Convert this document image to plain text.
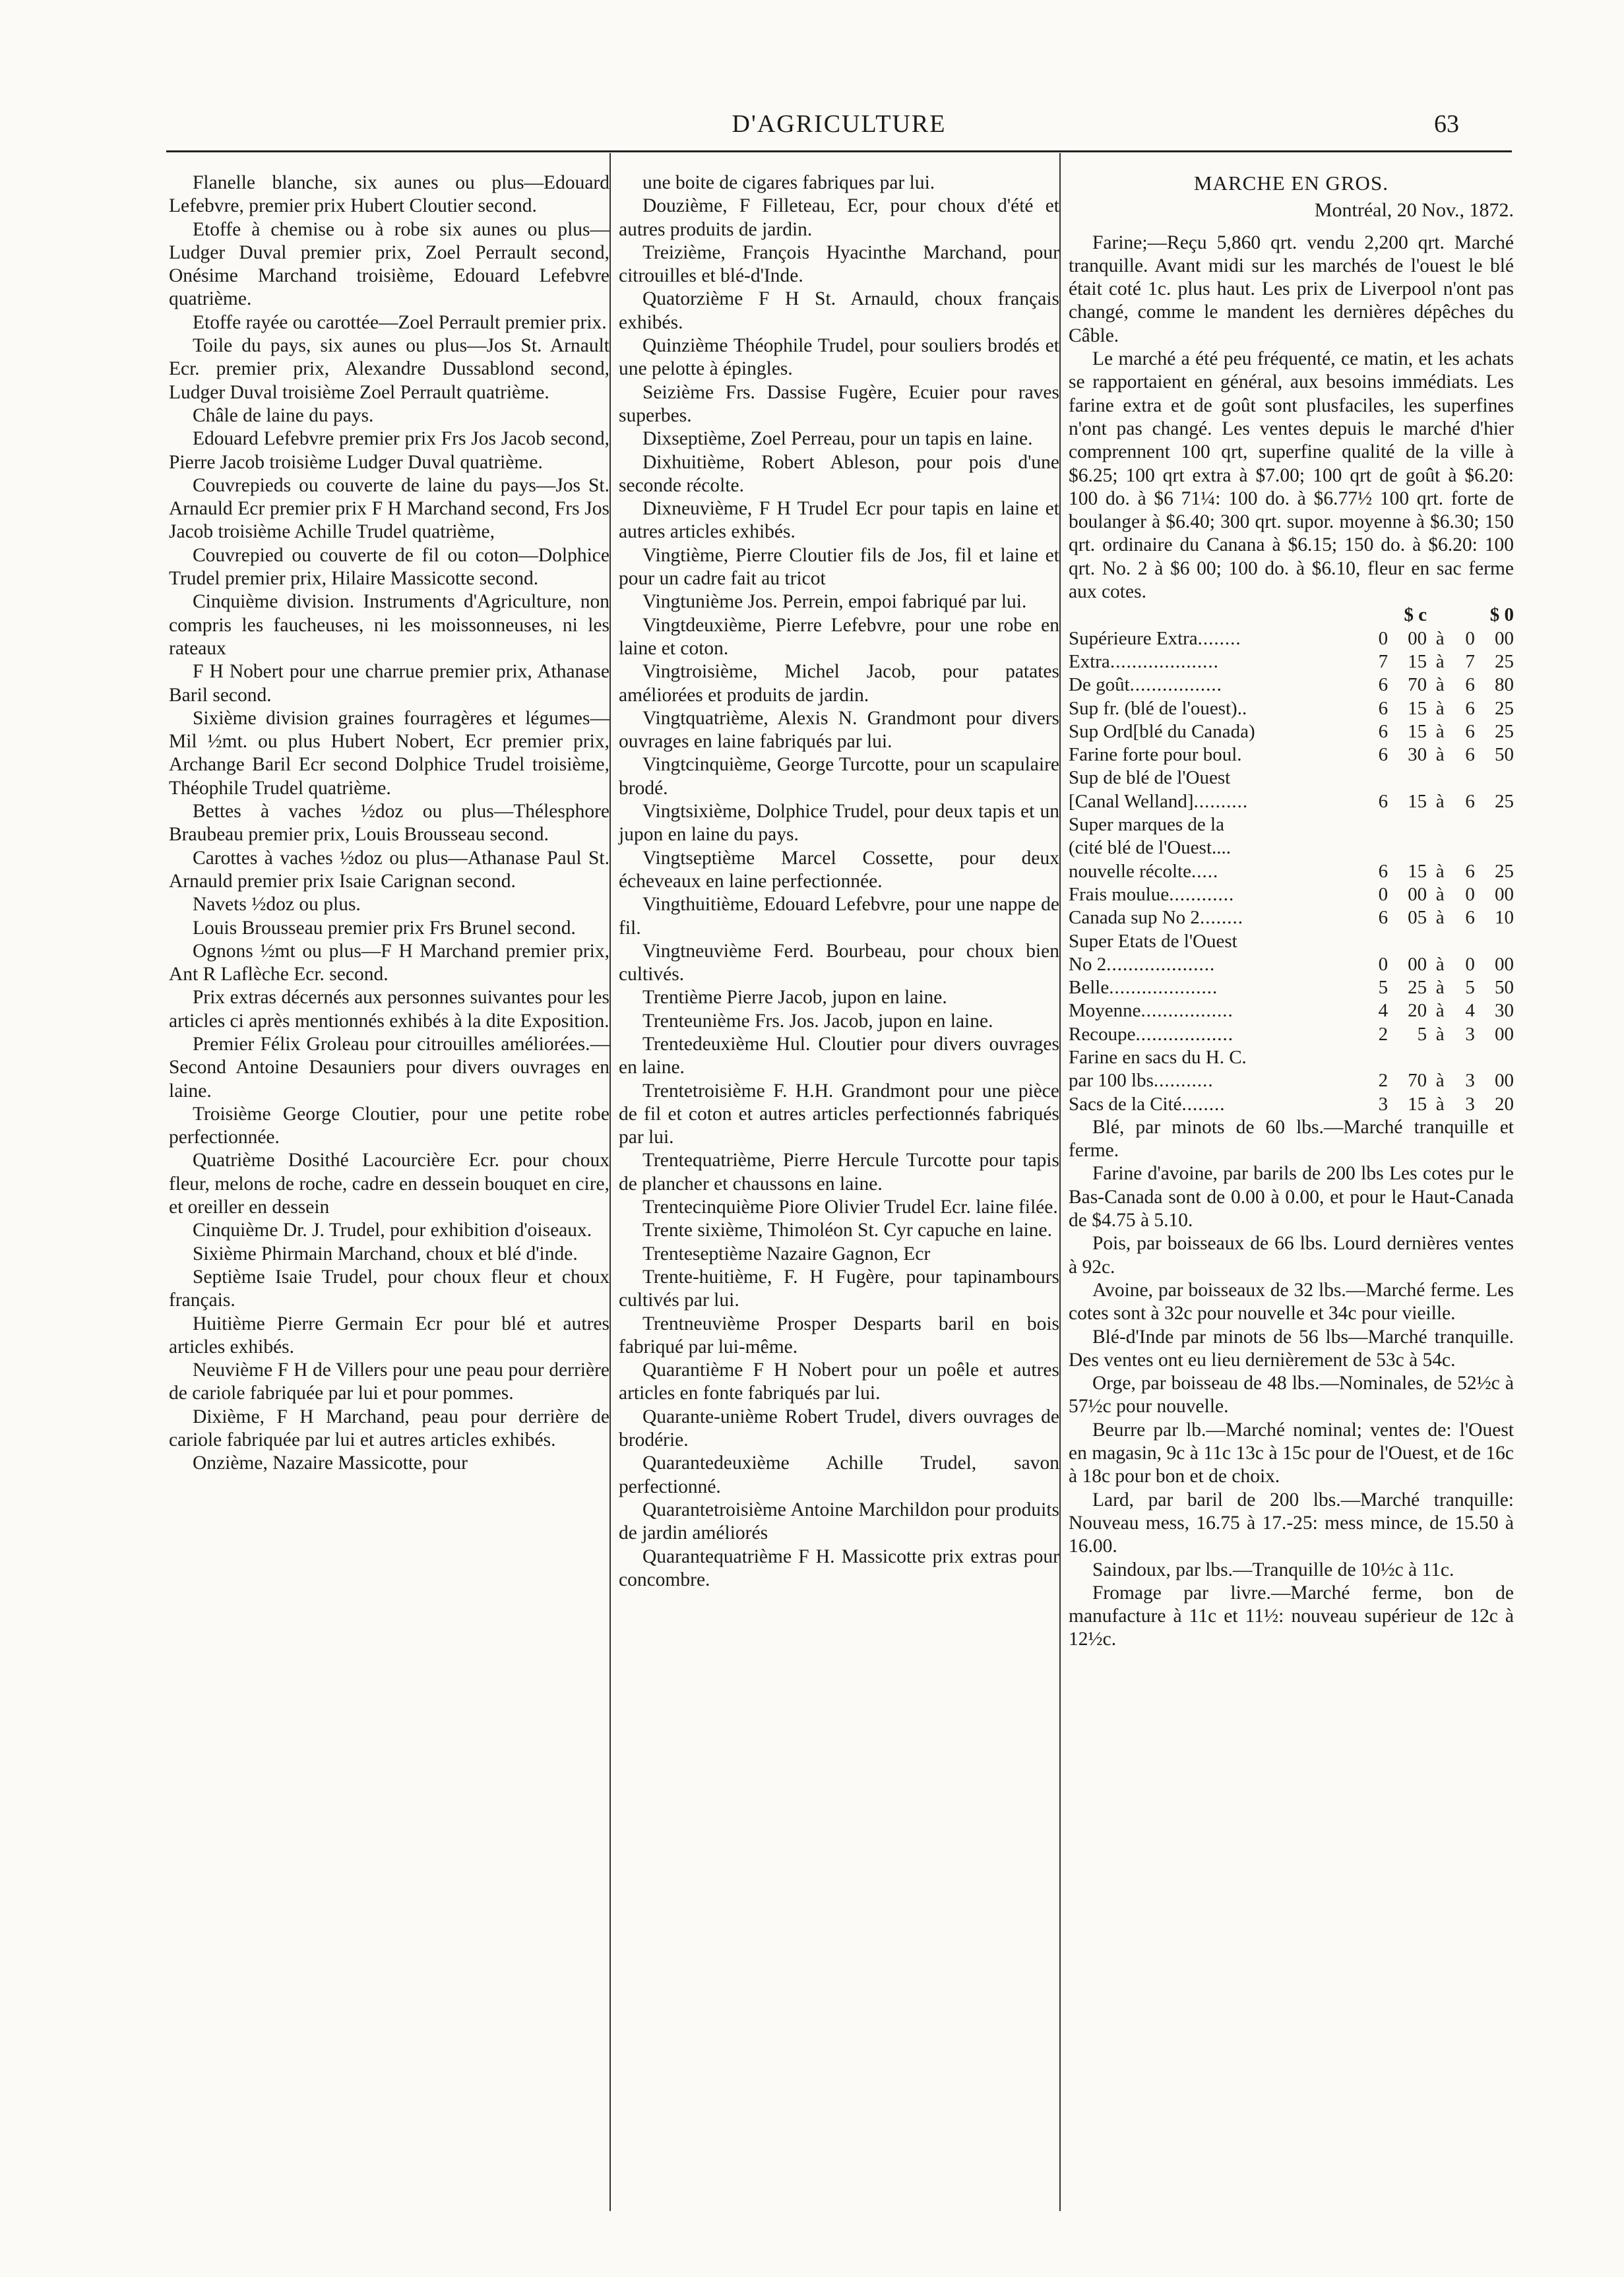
D'AGRICULTURE	63

Flanelle blanche, six aunes ou plus—Edouard Lefebvre, premier prix Hubert Cloutier second.

Etoffe à chemise ou à robe six aunes ou plus—Ludger Duval premier prix, Zoel Perrault second, Onésime Marchand troisième, Edouard Lefebvre quatrième.

Etoffe rayée ou carottée—Zoel Perrault premier prix.

Toile du pays, six aunes ou plus—Jos St. Arnault Ecr. premier prix, Alexandre Dussablond second, Ludger Duval troisième Zoel Perrault quatrième.

Châle de laine du pays.

Edouard Lefebvre premier prix Frs Jos Jacob second, Pierre Jacob troisième Ludger Duval quatrième.

Couvrepieds ou couverte de laine du pays—Jos St. Arnauld Ecr premier prix F H Marchand second, Frs Jos Jacob troisième Achille Trudel quatrième,

Couvrepied ou couverte de fil ou coton—Dolphice Trudel premier prix, Hilaire Massicotte second.

Cinquième division. Instruments d'Agriculture, non compris les faucheuses, ni les moissonneuses, ni les rateaux

F H Nobert pour une charrue premier prix, Athanase Baril second.

Sixième division graines fourragères et légumes—Mil ½mt. ou plus Hubert Nobert, Ecr premier prix, Archange Baril Ecr second Dolphice Trudel troisième, Théophile Trudel quatrième.

Bettes à vaches ½doz ou plus—Thélesphore Braubeau premier prix, Louis Brousseau second.

Carottes à vaches ½doz ou plus—Athanase Paul St. Arnauld premier prix Isaie Carignan second.

Navets ½doz ou plus.

Louis Brousseau premier prix Frs Brunel second.

Ognons ½mt ou plus—F H Marchand premier prix, Ant R Laflèche Ecr. second.

Prix extras décernés aux personnes suivantes pour les articles ci après mentionnés exhibés à la dite Exposition.

Premier Félix Groleau pour citrouilles améliorées.—Second Antoine Desauniers pour divers ouvrages en laine.

Troisième George Cloutier, pour une petite robe perfectionnée.

Quatrième Dosithé Lacourcière Ecr. pour choux fleur, melons de roche, cadre en dessein bouquet en cire, et oreiller en dessein

Cinquième Dr. J. Trudel, pour exhibition d'oiseaux.

Sixième Phirmain Marchand, choux et blé d'inde.

Septième Isaie Trudel, pour choux fleur et choux français.

Huitième Pierre Germain Ecr pour blé et autres articles exhibés.

Neuvième F H de Villers pour une peau pour derrière de cariole fabriquée par lui et pour pommes.

Dixième, F H Marchand, peau pour derrière de cariole fabriquée par lui et autres articles exhibés.

Onzième, Nazaire Massicotte, pour

une boite de cigares fabriques par lui.

Douzième, F Filleteau, Ecr, pour choux d'été et autres produits de jardin.

Treizième, François Hyacinthe Marchand, pour citrouilles et blé-d'Inde.

Quatorzième F H St. Arnauld, choux français exhibés.

Quinzième Théophile Trudel, pour souliers brodés et une pelotte à épingles.

Seizième Frs. Dassise Fugère, Ecuier pour raves superbes.

Dixseptième, Zoel Perreau, pour un tapis en laine.

Dixhuitième, Robert Ableson, pour pois d'une seconde récolte.

Dixneuvième, F H Trudel Ecr pour tapis en laine et autres articles exhibés.

Vingtième, Pierre Cloutier fils de Jos, fil et laine et pour un cadre fait au tricot

Vingtunième Jos. Perrein, empoi fabriqué par lui.

Vingtdeuxième, Pierre Lefebvre, pour une robe en laine et coton.

Vingtroisième, Michel Jacob, pour patates améliorées et produits de jardin.

Vingtquatrième, Alexis N. Grandmont pour divers ouvrages en laine fabriqués par lui.

Vingtcinquième, George Turcotte, pour un scapulaire brodé.

Vingtsixième, Dolphice Trudel, pour deux tapis et un jupon en laine du pays.

Vingtseptième Marcel Cossette, pour deux écheveaux en laine perfectionnée.

Vingthuitième, Edouard Lefebvre, pour une nappe de fil.

Vingtneuvième Ferd. Bourbeau, pour choux bien cultivés.

Trentième Pierre Jacob, jupon en laine.

Trenteunième Frs. Jos. Jacob, jupon en laine.

Trentedeuxième Hul. Cloutier pour divers ouvrages en laine.

Trentetroisième F. H.H. Grandmont pour une pièce de fil et coton et autres articles perfectionnés fabriqués par lui.

Trentequatrième, Pierre Hercule Turcotte pour tapis de plancher et chaussons en laine.

Trentecinquième Piore Olivier Trudel Ecr. laine filée.

Trente sixième, Thimoléon St. Cyr capuche en laine.

Trenteseptième Nazaire Gagnon, Ecr

Trente-huitième, F. H Fugère, pour tapinambours cultivés par lui.

Trentneuvième Prosper Desparts baril en bois fabriqué par lui-même.

Quarantième F H Nobert pour un poêle et autres articles en fonte fabriqués par lui.

Quarante-unième Robert Trudel, divers ouvrages de brodérie.

Quarantedeuxième Achille Trudel, savon perfectionné.

Quarantetroisième Antoine Marchildon pour produits de jardin améliorés

Quarantequatrième F H. Massicotte prix extras pour concombre.

MARCHE EN GROS.
Montréal, 20 Nov., 1872.

Farine;—Reçu 5,860 qrt. vendu 2,200 qrt. Marché tranquille. Avant midi sur les marchés de l'ouest le blé était coté 1c. plus haut. Les prix de Liverpool n'ont pas changé, comme le mandent les dernières dépêches du Câble.

Le marché a été peu fréquenté, ce matin, et les achats se rapportaient en général, aux besoins immédiats. Les farine extra et de goût sont plusfaciles, les superfines n'ont pas changé. Les ventes depuis le marché d'hier comprennent 100 qrt, superfine qualité de la ville à $6.25; 100 qrt extra à $7.00; 100 qrt de goût à $6.20: 100 do. à $6 71¼: 100 do. à $6.77½ 100 qrt. forte de boulanger à $6.40; 300 qrt. supor. moyenne à $6.30; 150 qrt. ordinaire du Canana à $6.15; 150 do. à $6.20: 100 qrt. No. 2 à $6 00; 100 do. à $6.10, fleur en sac ferme aux cotes.

	$ c			$ 0	
Supérieure Extra........	0	00	à	0	00
Extra....................	7	15	à	7	25
De goût.................	6	70	à	6	80
Sup fr. (blé de l'ouest)..	6	15	à	6	25
Sup Ord[blé du Canada)	6	15	à	6	25
Farine forte pour boul.	6	30	à	6	50
Sup de blé de l'Ouest					
[Canal Welland]..........	6	15	à	6	25
Super marques de la					
(cité blé de l'Ouest....					
nouvelle récolte.....	6	15	à	6	25
Frais moulue............	0	00	à	0	00
Canada sup No 2........	6	05	à	6	10
Super Etats de l'Ouest					
No 2....................	0	00	à	0	00
Belle....................	5	25	à	5	50
Moyenne.................	4	20	à	4	30
Recoupe..................	2	5	à	3	00
Farine en sacs du H. C.					
par 100 lbs...........	2	70	à	3	00
Sacs de la Cité........	3	15	à	3	20

Blé, par minots de 60 lbs.—Marché tranquille et ferme.

Farine d'avoine, par barils de 200 lbs Les cotes pur le Bas-Canada sont de 0.00 à 0.00, et pour le Haut-Canada de $4.75 à 5.10.

Pois, par boisseaux de 66 lbs. Lourd dernières ventes à 92c.

Avoine, par boisseaux de 32 lbs.—Marché ferme. Les cotes sont à 32c pour nouvelle et 34c pour vieille.

Blé-d'Inde par minots de 56 lbs—Marché tranquille. Des ventes ont eu lieu dernièrement de 53c à 54c.

Orge, par boisseau de 48 lbs.—Nominales, de 52½c à 57½c pour nouvelle.

Beurre par lb.—Marché nominal; ventes de: l'Ouest en magasin, 9c à 11c 13c à 15c pour de l'Ouest, et de 16c à 18c pour bon et de choix.

Lard, par baril de 200 lbs.—Marché tranquille: Nouveau mess, 16.75 à 17.-25: mess mince, de 15.50 à 16.00.

Saindoux, par lbs.—Tranquille de 10½c à 11c.

Fromage par livre.—Marché ferme, bon de manufacture à 11c et 11½: nouveau supérieur de 12c à 12½c.
